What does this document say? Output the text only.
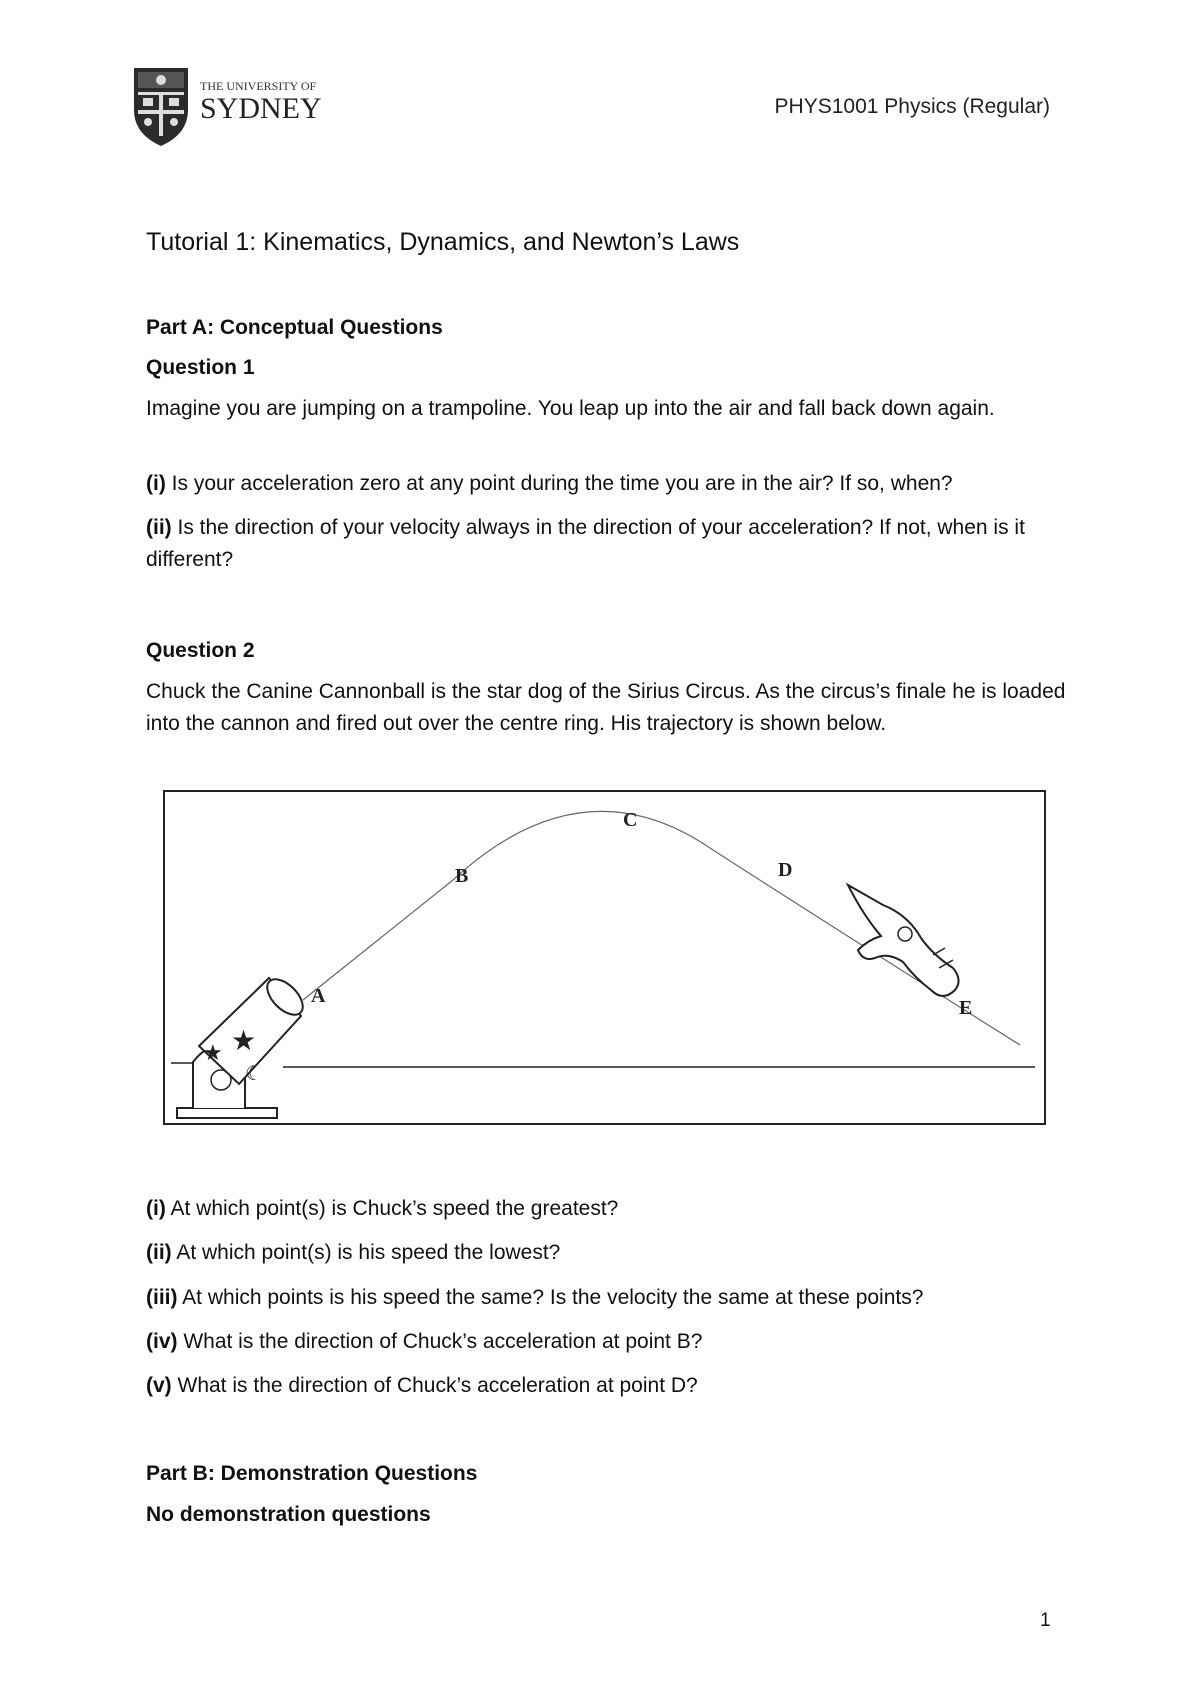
THE UNIVERSITY OF
SYDNEY	PHYS1001 Physics (Regular)
Tutorial 1: Kinematics, Dynamics, and Newton’s Laws
Part A: Conceptual Questions
Question 1
Imagine you are jumping on a trampoline. You leap up into the air and fall back down again.
(i) Is your acceleration zero at any point during the time you are in the air? If so, when?
(ii) Is the direction of your velocity always in the direction of your acceleration? If not, when is it different?
Question 2
Chuck the Canine Cannonball is the star dog of the Sirius Circus. As the circus’s finale he is loaded into the cannon and fired out over the centre ring. His trajectory is shown below.
★
★
☾
A
B
C
D
E
(i) At which point(s) is Chuck’s speed the greatest?
(ii) At which point(s) is his speed the lowest?
(iii) At which points is his speed the same? Is the velocity the same at these points?
(iv) What is the direction of Chuck’s acceleration at point B?
(v) What is the direction of Chuck’s acceleration at point D?
Part B: Demonstration Questions
No demonstration questions
1
